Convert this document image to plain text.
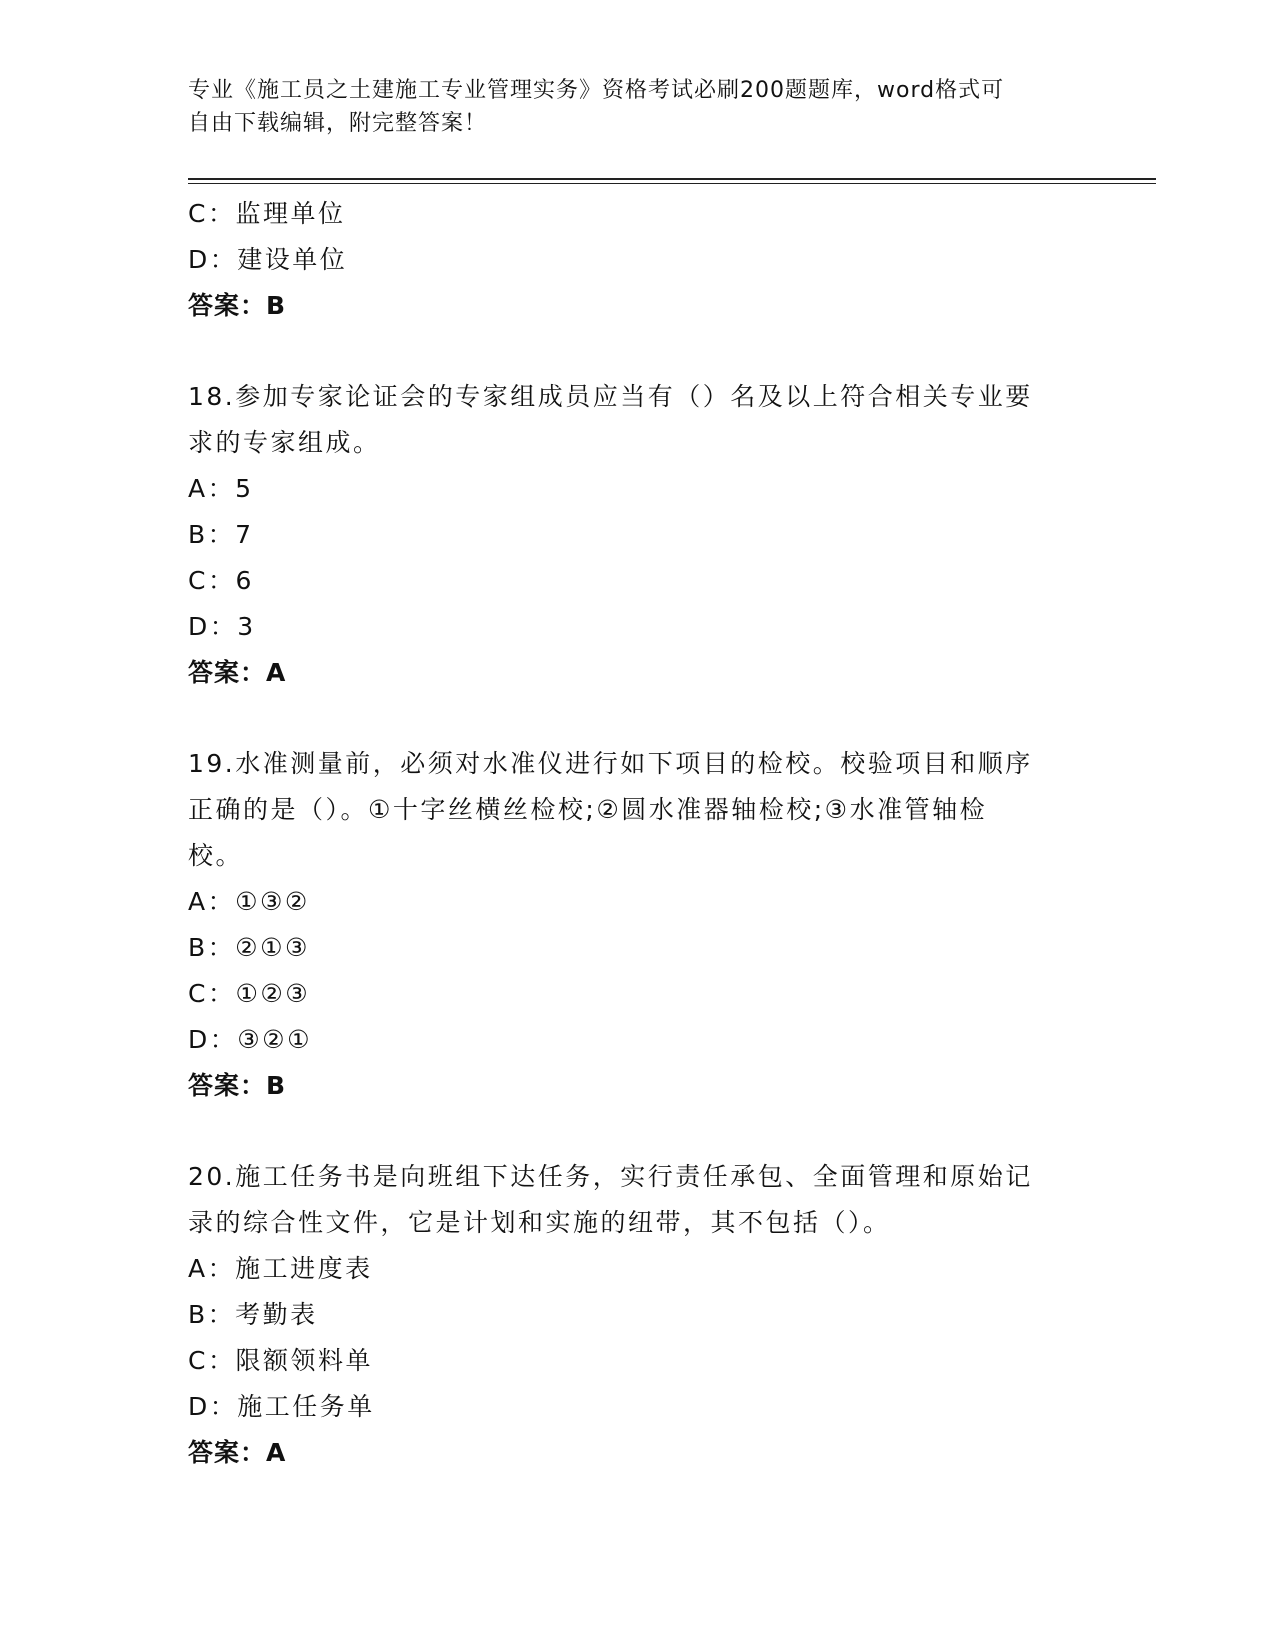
专业《施工员之土建施工专业管理实务》资格考试必刷200题题库，word格式可
自由下载编辑，附完整答案！
C：监理单位
D：建设单位
答案：B
18.参加专家论证会的专家组成员应当有（）名及以上符合相关专业要
求的专家组成。
A：5
B：7
C：6
D：3
答案：A
19.水准测量前，必须对水准仪进行如下项目的检校。校验项目和顺序
正确的是（）。①十字丝横丝检校;②圆水准器轴检校;③水准管轴检
校。
A：①③②
B：②①③
C：①②③
D：③②①
答案：B
20.施工任务书是向班组下达任务，实行责任承包、全面管理和原始记
录的综合性文件，它是计划和实施的纽带，其不包括（）。
A：施工进度表
B：考勤表
C：限额领料单
D：施工任务单
答案：A
